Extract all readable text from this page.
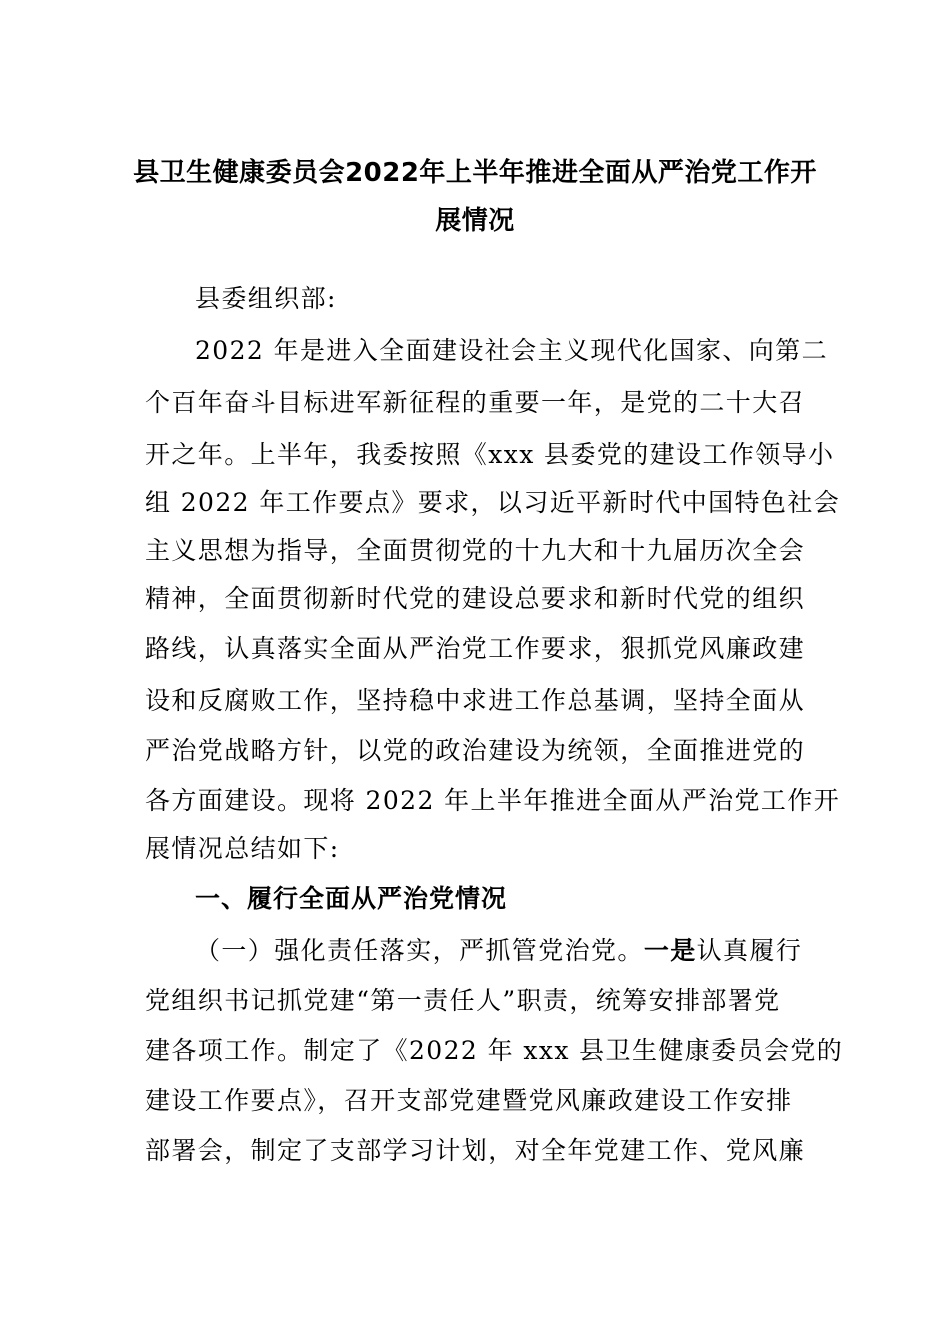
县卫生健康委员会2022年上半年推进全面从严治党工作开
展情况

县委组织部:

2022 年是进入全面建设社会主义现代化国家、向第二

个百年奋斗目标进军新征程的重要一年，是党的二十大召

开之年。上半年，我委按照《xxx 县委党的建设工作领导小

组 2022 年工作要点》要求，以习近平新时代中国特色社会

主义思想为指导，全面贯彻党的十九大和十九届历次全会

精神，全面贯彻新时代党的建设总要求和新时代党的组织

路线，认真落实全面从严治党工作要求，狠抓党风廉政建

设和反腐败工作，坚持稳中求进工作总基调，坚持全面从

严治党战略方针，以党的政治建设为统领，全面推进党的

各方面建设。现将 2022 年上半年推进全面从严治党工作开

展情况总结如下:

一、履行全面从严治党情况

（一）强化责任落实，严抓管党治党。一是认真履行

党组织书记抓党建“第一责任人”职责，统筹安排部署党

建各项工作。制定了《2022 年 xxx 县卫生健康委员会党的

建设工作要点》，召开支部党建暨党风廉政建设工作安排

部署会，制定了支部学习计划，对全年党建工作、党风廉
